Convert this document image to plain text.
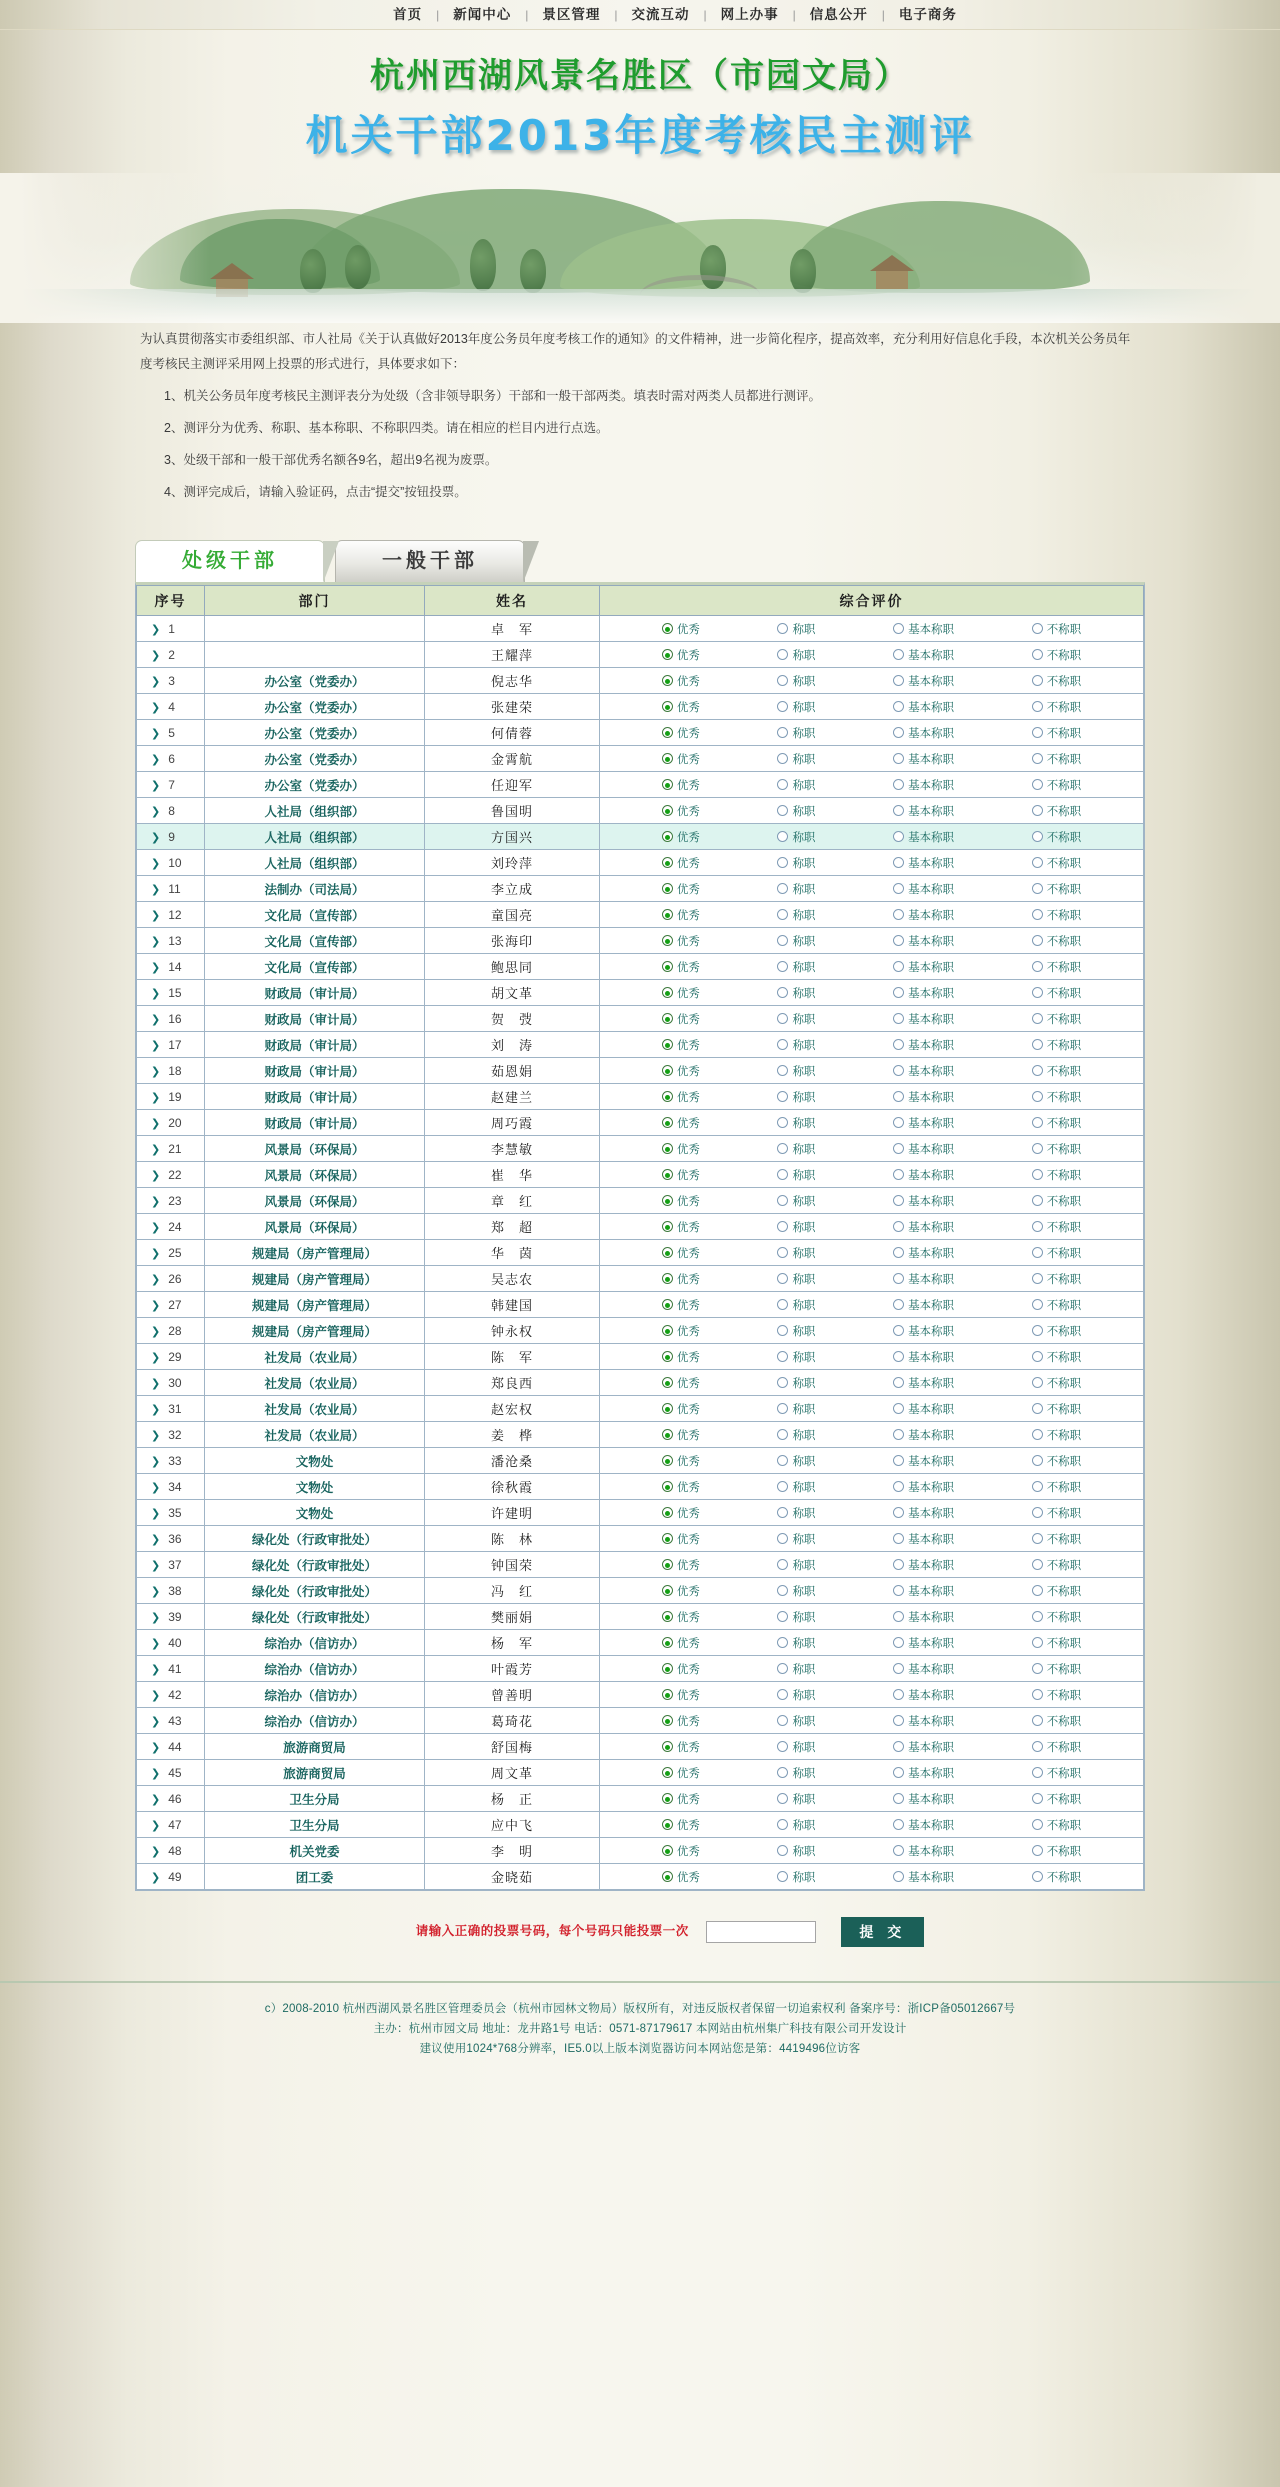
首页 | 新闻中心 | 景区管理 | 交流互动 | 网上办事 | 信息公开 | 电子商务
杭州西湖风景名胜区（市园文局）
机关干部2013年度考核民主测评

为认真贯彻落实市委组织部、市人社局《关于认真做好2013年度公务员年度考核工作的通知》的文件精神，进一步简化程序，提高效率，充分利用好信息化手段，本次机关公务员年度考核民主测评采用网上投票的形式进行，具体要求如下：

1、机关公务员年度考核民主测评表分为处级（含非领导职务）干部和一般干部两类。填表时需对两类人员都进行测评。

2、测评分为优秀、称职、基本称职、不称职四类。请在相应的栏目内进行点选。

3、处级干部和一般干部优秀名额各9名，超出9名视为废票。

4、测评完成后，请输入验证码，点击“提交”按钮投票。

处级干部	一般干部
序号	部门	姓名	综合评价
❯ 1		卓　军	优秀 称职 基本称职 不称职

❯ 2		王耀萍	优秀 称职 基本称职 不称职

❯ 3	办公室（党委办）	倪志华	优秀 称职 基本称职 不称职

❯ 4	办公室（党委办）	张建荣	优秀 称职 基本称职 不称职

❯ 5	办公室（党委办）	何倩蓉	优秀 称职 基本称职 不称职

❯ 6	办公室（党委办）	金霄航	优秀 称职 基本称职 不称职

❯ 7	办公室（党委办）	任迎军	优秀 称职 基本称职 不称职

❯ 8	人社局（组织部）	鲁国明	优秀 称职 基本称职 不称职

❯ 9	人社局（组织部）	方国兴	优秀 称职 基本称职 不称职

❯ 10	人社局（组织部）	刘玲萍	优秀 称职 基本称职 不称职

❯ 11	法制办（司法局）	李立成	优秀 称职 基本称职 不称职

❯ 12	文化局（宣传部）	童国亮	优秀 称职 基本称职 不称职

❯ 13	文化局（宣传部）	张海印	优秀 称职 基本称职 不称职

❯ 14	文化局（宣传部）	鲍思同	优秀 称职 基本称职 不称职

❯ 15	财政局（审计局）	胡文革	优秀 称职 基本称职 不称职

❯ 16	财政局（审计局）	贺　弢	优秀 称职 基本称职 不称职

❯ 17	财政局（审计局）	刘　涛	优秀 称职 基本称职 不称职

❯ 18	财政局（审计局）	茹恩娟	优秀 称职 基本称职 不称职

❯ 19	财政局（审计局）	赵建兰	优秀 称职 基本称职 不称职

❯ 20	财政局（审计局）	周巧霞	优秀 称职 基本称职 不称职

❯ 21	风景局（环保局）	李慧敏	优秀 称职 基本称职 不称职

❯ 22	风景局（环保局）	崔　华	优秀 称职 基本称职 不称职

❯ 23	风景局（环保局）	章　红	优秀 称职 基本称职 不称职

❯ 24	风景局（环保局）	郑　超	优秀 称职 基本称职 不称职

❯ 25	规建局（房产管理局）	华　茵	优秀 称职 基本称职 不称职

❯ 26	规建局（房产管理局）	吴志农	优秀 称职 基本称职 不称职

❯ 27	规建局（房产管理局）	韩建国	优秀 称职 基本称职 不称职

❯ 28	规建局（房产管理局）	钟永权	优秀 称职 基本称职 不称职

❯ 29	社发局（农业局）	陈　军	优秀 称职 基本称职 不称职

❯ 30	社发局（农业局）	郑良西	优秀 称职 基本称职 不称职

❯ 31	社发局（农业局）	赵宏权	优秀 称职 基本称职 不称职

❯ 32	社发局（农业局）	姜　桦	优秀 称职 基本称职 不称职

❯ 33	文物处	潘沧桑	优秀 称职 基本称职 不称职

❯ 34	文物处	徐秋霞	优秀 称职 基本称职 不称职

❯ 35	文物处	许建明	优秀 称职 基本称职 不称职

❯ 36	绿化处（行政审批处）	陈　林	优秀 称职 基本称职 不称职

❯ 37	绿化处（行政审批处）	钟国荣	优秀 称职 基本称职 不称职

❯ 38	绿化处（行政审批处）	冯　红	优秀 称职 基本称职 不称职

❯ 39	绿化处（行政审批处）	樊丽娟	优秀 称职 基本称职 不称职

❯ 40	综治办（信访办）	杨　军	优秀 称职 基本称职 不称职

❯ 41	综治办（信访办）	叶霞芳	优秀 称职 基本称职 不称职

❯ 42	综治办（信访办）	曾善明	优秀 称职 基本称职 不称职

❯ 43	综治办（信访办）	葛琦花	优秀 称职 基本称职 不称职

❯ 44	旅游商贸局	舒国梅	优秀 称职 基本称职 不称职

❯ 45	旅游商贸局	周文革	优秀 称职 基本称职 不称职

❯ 46	卫生分局	杨　正	优秀 称职 基本称职 不称职

❯ 47	卫生分局	应中飞	优秀 称职 基本称职 不称职

❯ 48	机关党委	李　明	优秀 称职 基本称职 不称职

❯ 49	团工委	金晓茹	优秀 称职 基本称职 不称职
请输入正确的投票号码，每个号码只能投票一次	提 交
c）2008-2010 杭州西湖风景名胜区管理委员会（杭州市园林文物局）版权所有，对违反版权者保留一切追索权利 备案序号：浙ICP备05012667号
主办：杭州市园文局 地址：龙井路1号 电话：0571-87179617 本网站由杭州集广科技有限公司开发设计
建议使用1024*768分辨率，IE5.0以上版本浏览器访问本网站您是第：4419496位访客
